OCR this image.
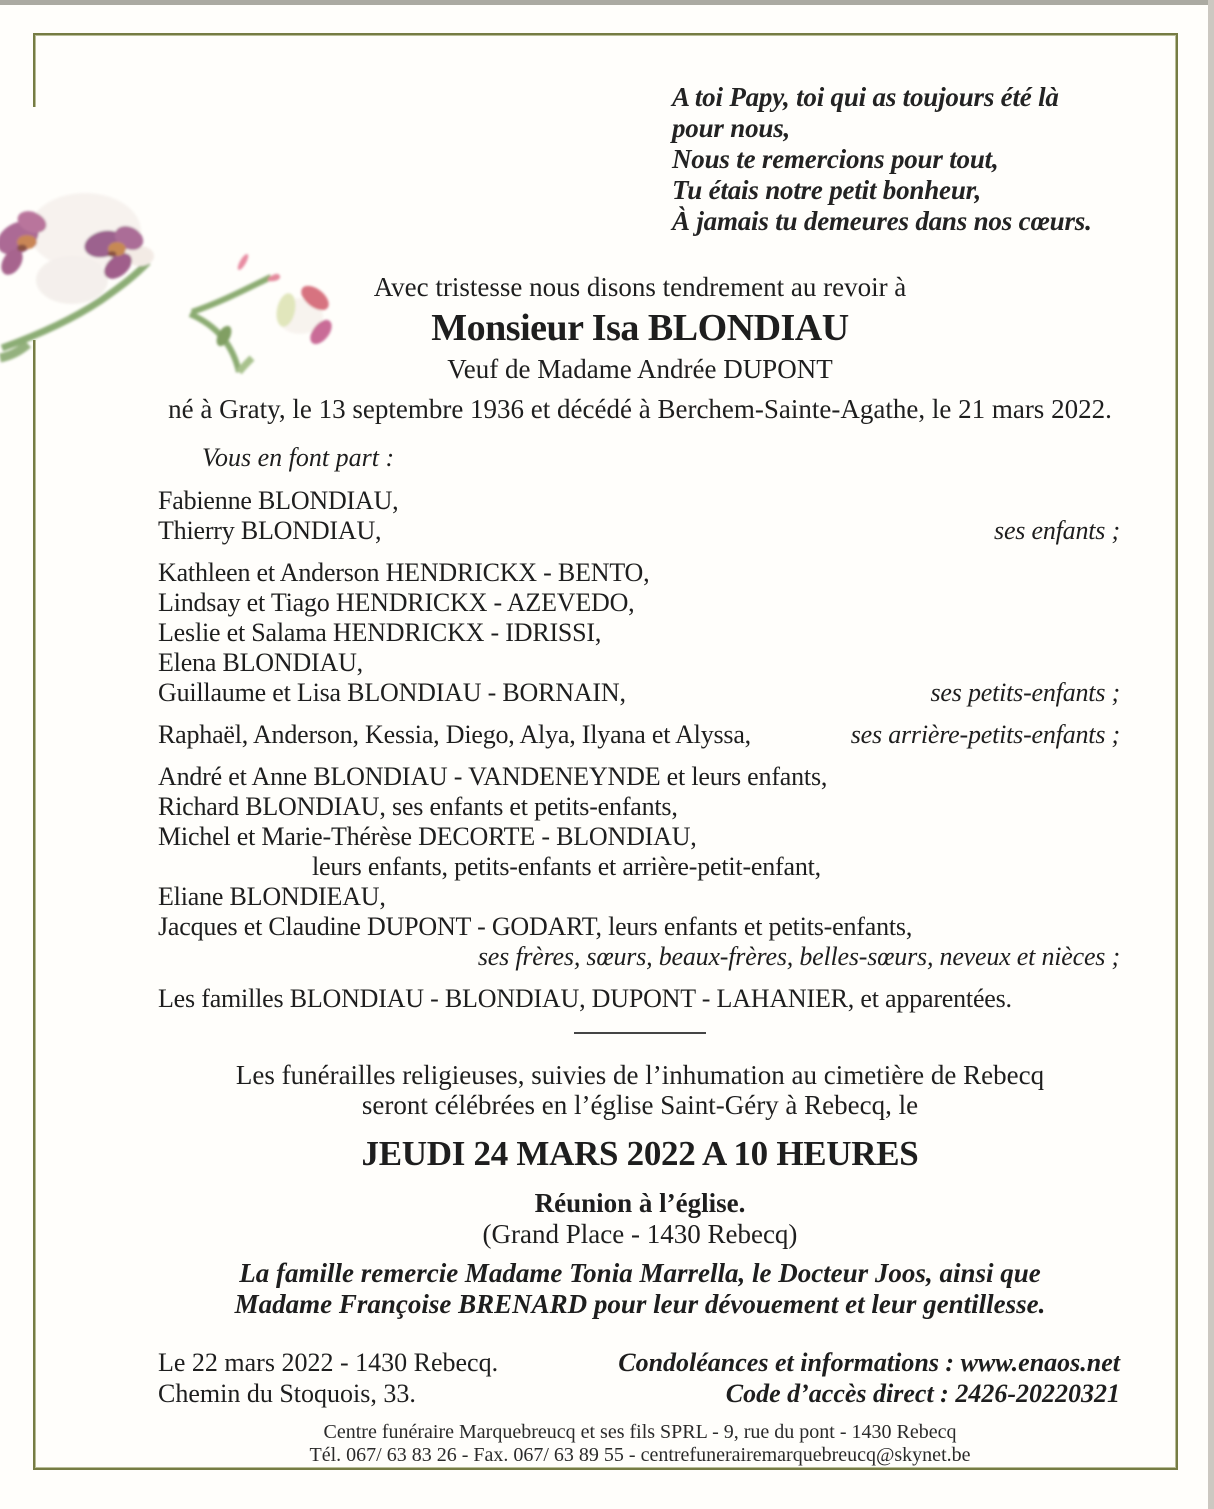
A toi Papy, toi qui as toujours été là pour nous,
Nous te remercions pour tout,
Tu étais notre petit bonheur,
À jamais tu demeures dans nos cœurs.
Avec tristesse nous disons tendrement au revoir à
Monsieur Isa BLONDIAU
Veuf de Madame Andrée DUPONT
né à Graty, le 13 septembre 1936 et décédé à Berchem-Sainte-Agathe, le 21 mars 2022.
Vous en font part :
Fabienne BLONDIAU,
Thierry BLONDIAU,	ses enfants ;
Kathleen et Anderson HENDRICKX - BENTO,
Lindsay et Tiago HENDRICKX - AZEVEDO,
Leslie et Salama HENDRICKX - IDRISSI,
Elena BLONDIAU,
Guillaume et Lisa BLONDIAU - BORNAIN,	ses petits-enfants ;
Raphaël, Anderson, Kessia, Diego, Alya, Ilyana et Alyssa,	ses arrière-petits-enfants ;
André et Anne BLONDIAU - VANDENEYNDE et leurs enfants,
Richard BLONDIAU, ses enfants et petits-enfants,
Michel et Marie-Thérèse DECORTE - BLONDIAU,
leurs enfants, petits-enfants et arrière-petit-enfant,
Eliane BLONDIEAU,
Jacques et Claudine DUPONT - GODART, leurs enfants et petits-enfants,
ses frères, sœurs, beaux-frères, belles-sœurs, neveux et nièces ;
Les familles BLONDIAU - BLONDIAU, DUPONT - LAHANIER, et apparentées.
Les funérailles religieuses, suivies de l’inhumation au cimetière de Rebecq
seront célébrées en l’église Saint-Géry à Rebecq, le
JEUDI 24 MARS 2022 A 10 HEURES
Réunion à l’église.
(Grand Place - 1430 Rebecq)
La famille remercie Madame Tonia Marrella, le Docteur Joos, ainsi que
Madame Françoise BRENARD pour leur dévouement et leur gentillesse.
Le 22 mars 2022 - 1430 Rebecq.
Chemin du Stoquois, 33.
Condoléances et informations : www.enaos.net
Code d’accès direct : 2426-20220321
Centre funéraire Marquebreucq et ses fils SPRL - 9, rue du pont - 1430 Rebecq
Tél. 067/ 63 83 26 - Fax. 067/ 63 89 55 - centrefunerairemarquebreucq@skynet.be
